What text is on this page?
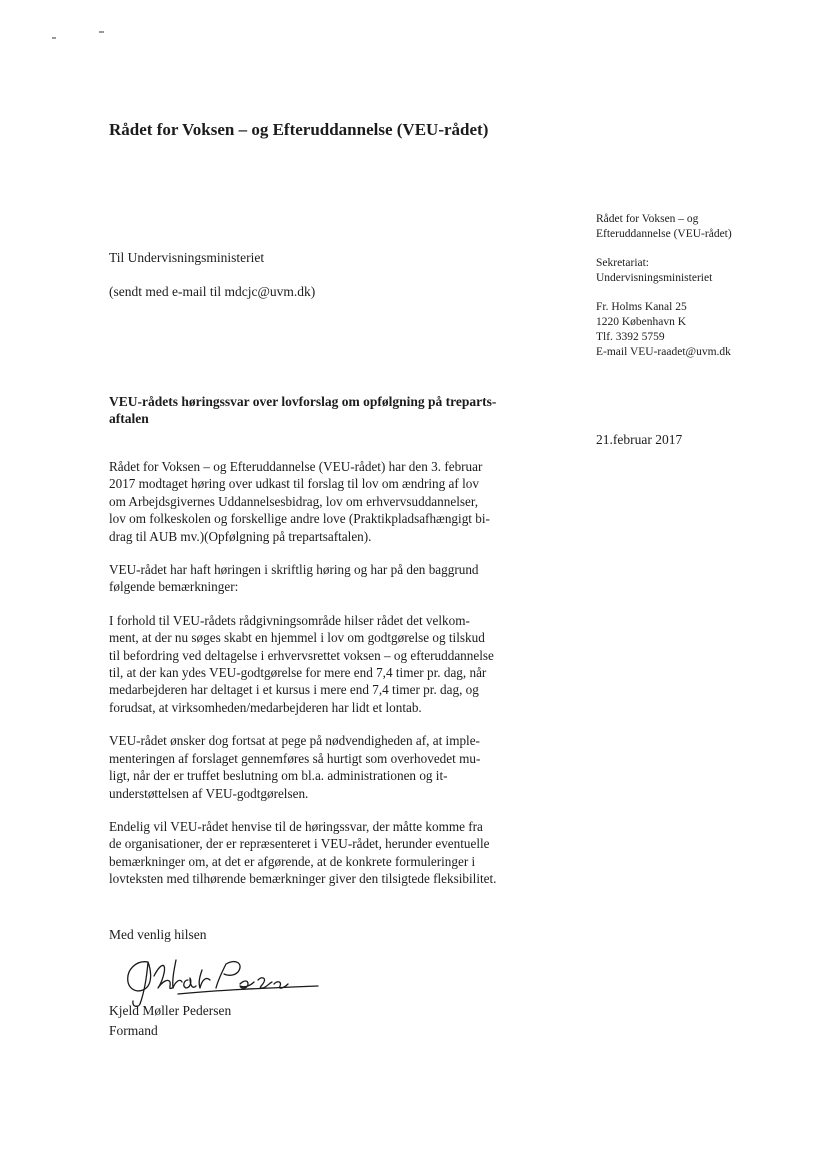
Rådet for Voksen – og Efteruddannelse (VEU-rådet)
Til Undervisningsministeriet
(sendt med e-mail til mdcjc@uvm.dk)
Rådet for Voksen – og
Efteruddannelse (VEU-rådet)
Sekretariat:
Undervisningsministeriet
Fr. Holms Kanal 25
1220 København K
Tlf. 3392 5759
E-mail VEU-raadet@uvm.dk
21.februar 2017
VEU-rådets høringssvar over lovforslag om opfølgning på treparts-
aftalen

Rådet for Voksen – og Efteruddannelse (VEU-rådet) har den 3. februar
2017 modtaget høring over udkast til forslag til lov om ændring af lov
om Arbejdsgivernes Uddannelsesbidrag, lov om erhvervsuddannelser,
lov om folkeskolen og forskellige andre love (Praktikpladsafhængigt bi-
drag til AUB mv.)(Opfølgning på trepartsaftalen).

VEU-rådet har haft høringen i skriftlig høring og har på den baggrund
følgende bemærkninger:

I forhold til VEU-rådets rådgivningsområde hilser rådet det velkom-
ment, at der nu søges skabt en hjemmel i lov om godtgørelse og tilskud
til befordring ved deltagelse i erhvervsrettet voksen – og efteruddannelse
til, at der kan ydes VEU-godtgørelse for mere end 7,4 timer pr. dag, når
medarbejderen har deltaget i et kursus i mere end 7,4 timer pr. dag, og
forudsat, at virksomheden/medarbejderen har lidt et lontab.

VEU-rådet ønsker dog fortsat at pege på nødvendigheden af, at imple-
menteringen af forslaget gennemføres så hurtigt som overhovedet mu-
ligt, når der er truffet beslutning om bl.a. administrationen og it-
understøttelsen af VEU-godtgørelsen.

Endelig vil VEU-rådet henvise til de høringssvar, der måtte komme fra
de organisationer, der er repræsenteret i VEU-rådet, herunder eventuelle
bemærkninger om, at det er afgørende, at de konkrete formuleringer i
lovteksten med tilhørende bemærkninger giver den tilsigtede fleksibilitet.

Med venlig hilsen
Kjeld Møller Pedersen
Formand
